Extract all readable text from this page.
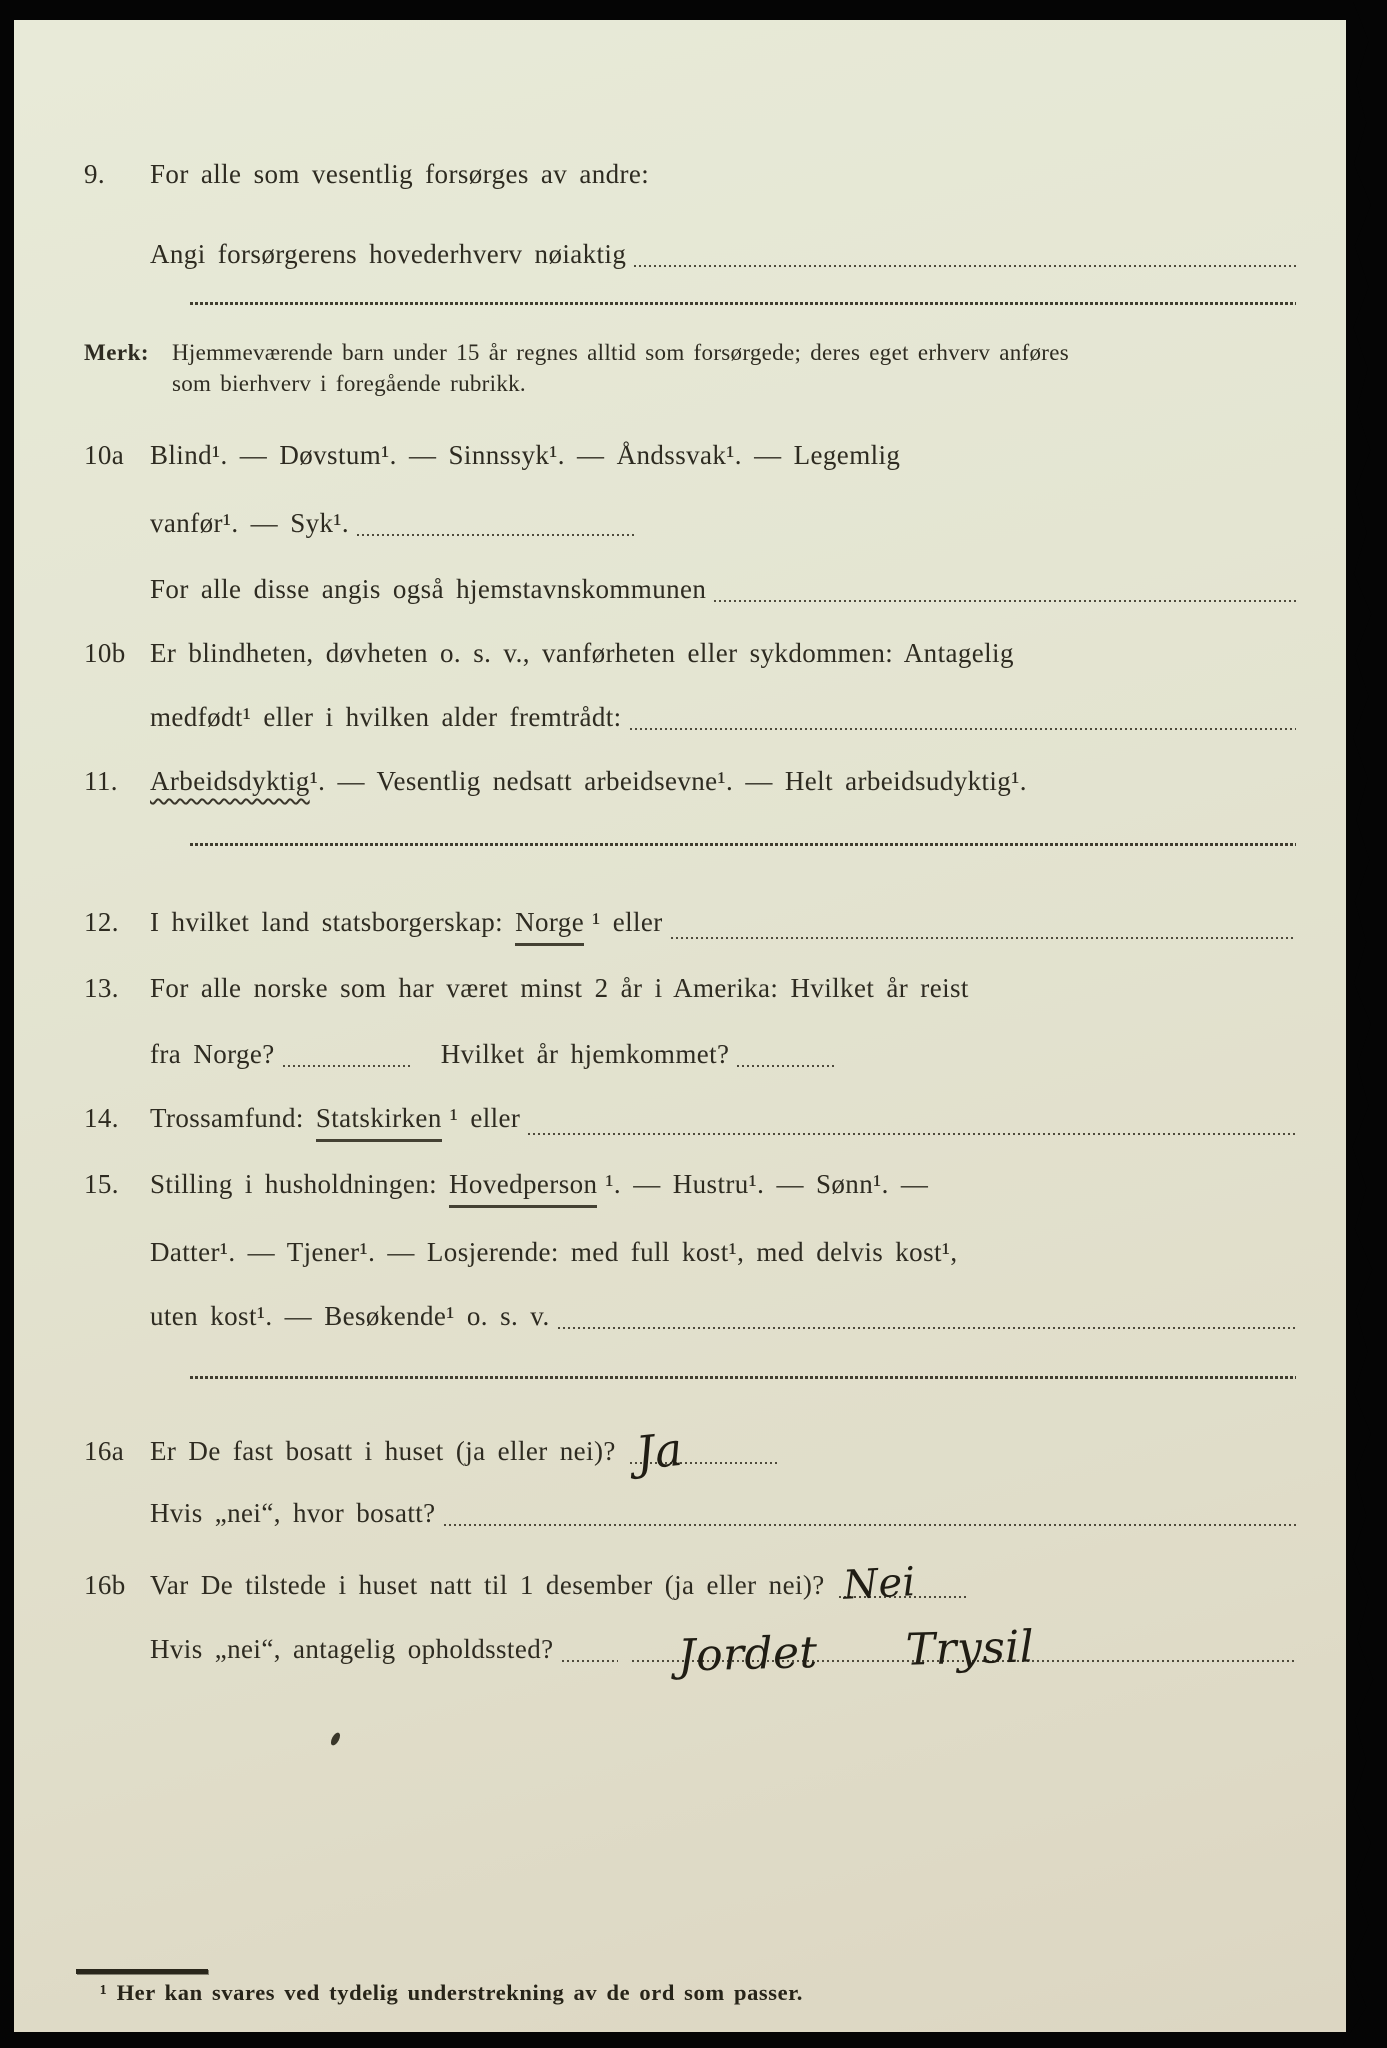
9.	For alle som vesentlig forsørges av andre:
Angi forsørgerens hovederhverv nøiaktig
Merk: Hjemmeværende barn under 15 år regnes alltid som forsørgede; deres eget erhverv anføres som bierhverv i foregående rubrikk.
10a Blind¹. — Døvstum¹. — Sinnssyk¹. — Åndssvak¹. — Legemlig
vanfør¹. — Syk¹.
For alle disse angis også hjemstavnskommunen
10b Er blindheten, døvheten o. s. v., vanførheten eller sykdommen: Antagelig
medfødt¹ eller i hvilken alder fremtrådt:
11.	Arbeidsdyktig ¹. — Vesentlig nedsatt arbeidsevne¹. — Helt arbeidsudyktig¹.
12.	I hvilket land statsborgerskap: Norge ¹ eller
13.	For alle norske som har været minst 2 år i Amerika: Hvilket år reist
fra Norge?	Hvilket år hjemkommet?
14.	Trossamfund: Statskirken ¹ eller
15.	Stilling i husholdningen: Hovedperson ¹. — Hustru¹. — Sønn¹. —
Datter¹. — Tjener¹. — Losjerende: med full kost¹, med delvis kost¹,
uten kost¹. — Besøkende¹ o. s. v.
16a Er De fast bosatt i huset (ja eller nei)? Ja
Hvis „nei“, hvor bosatt?
16b Var De tilstede i huset natt til 1 desember (ja eller nei)? Nei
Hvis „nei“, antagelig opholdssted?	Jordet Trysil
¹ Her kan svares ved tydelig understrekning av de ord som passer.
